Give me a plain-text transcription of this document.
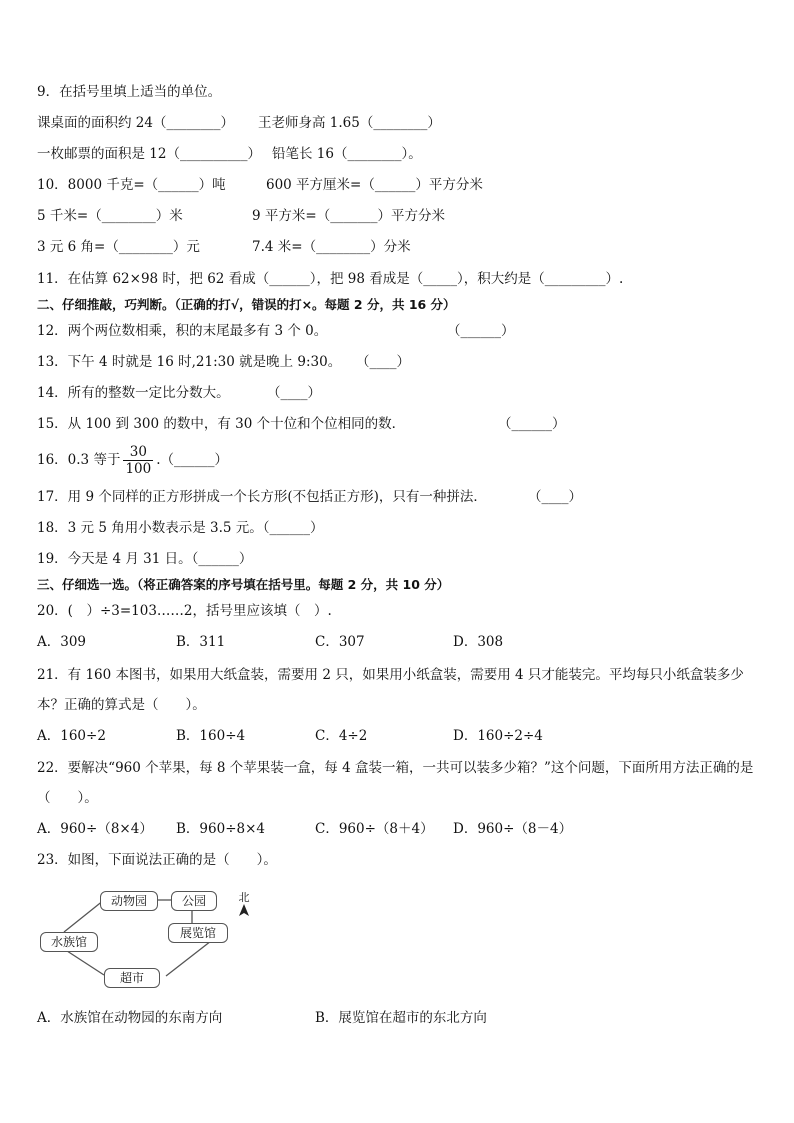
9．在括号里填上适当的单位。
课桌面的面积约 24（________） 王老师身高 1.65（________）
一枚邮票的面积是 12（__________） 铅笔长 16（________）。
10．8000 千克=（______）吨	600 平方厘米=（______）平方分米
5 千米=（________）米	9 平方米=（_______）平方分米
3 元 6 角=（________）元	7.4 米=（________）分米
11．在估算 62×98 时，把 62 看成（______），把 98 看成是（_____），积大约是（_________）.
二、仔细推敲，巧判断。（正确的打√，错误的打×。每题 2 分，共 16 分）
12．两个两位数相乘，积的末尾最多有 3 个 0。	（______）
13．下午 4 时就是 16 时,21:30 就是晚上 9:30。 （____）
14．所有的整数一定比分数大。	（____）
15．从 100 到 300 的数中，有 30 个十位和个位相同的数．	（______）
16．0.3 等于 $\frac{30}{100}$ .（______）
17．用 9 个同样的正方形拼成一个长方形(不包括正方形)，只有一种拼法．	（____）
18．3 元 5 角用小数表示是 3.5 元。（______）
19．今天是 4 月 31 日。（______）
三、仔细选一选。（将正确答案的序号填在括号里。每题 2 分，共 10 分）
20．(　）÷3=103……2，括号里应该填（　）.
A．309	B．311	C．307	D．308
21．有 160 本图书，如果用大纸盒装，需要用 2 只，如果用小纸盒装，需要用 4 只才能装完。平均每只小纸盒装多少
本？正确的算式是（　　）。
A．160÷2	B．160÷4	C．4÷2	D．160÷2÷4
22．要解决“960 个苹果，每 8 个苹果装一盒，每 4 盒装一箱，一共可以装多少箱？”这个问题，下面所用方法正确的是
（　　）。
A．960÷（8×4） B．960÷8×4	C．960÷（8＋4） D．960÷（8－4）
23．如图，下面说法正确的是（　　）。
动物园	公园
水族馆
展览馆
超市
北
A．水族馆在动物园的东南方向	B．展览馆在超市的东北方向
